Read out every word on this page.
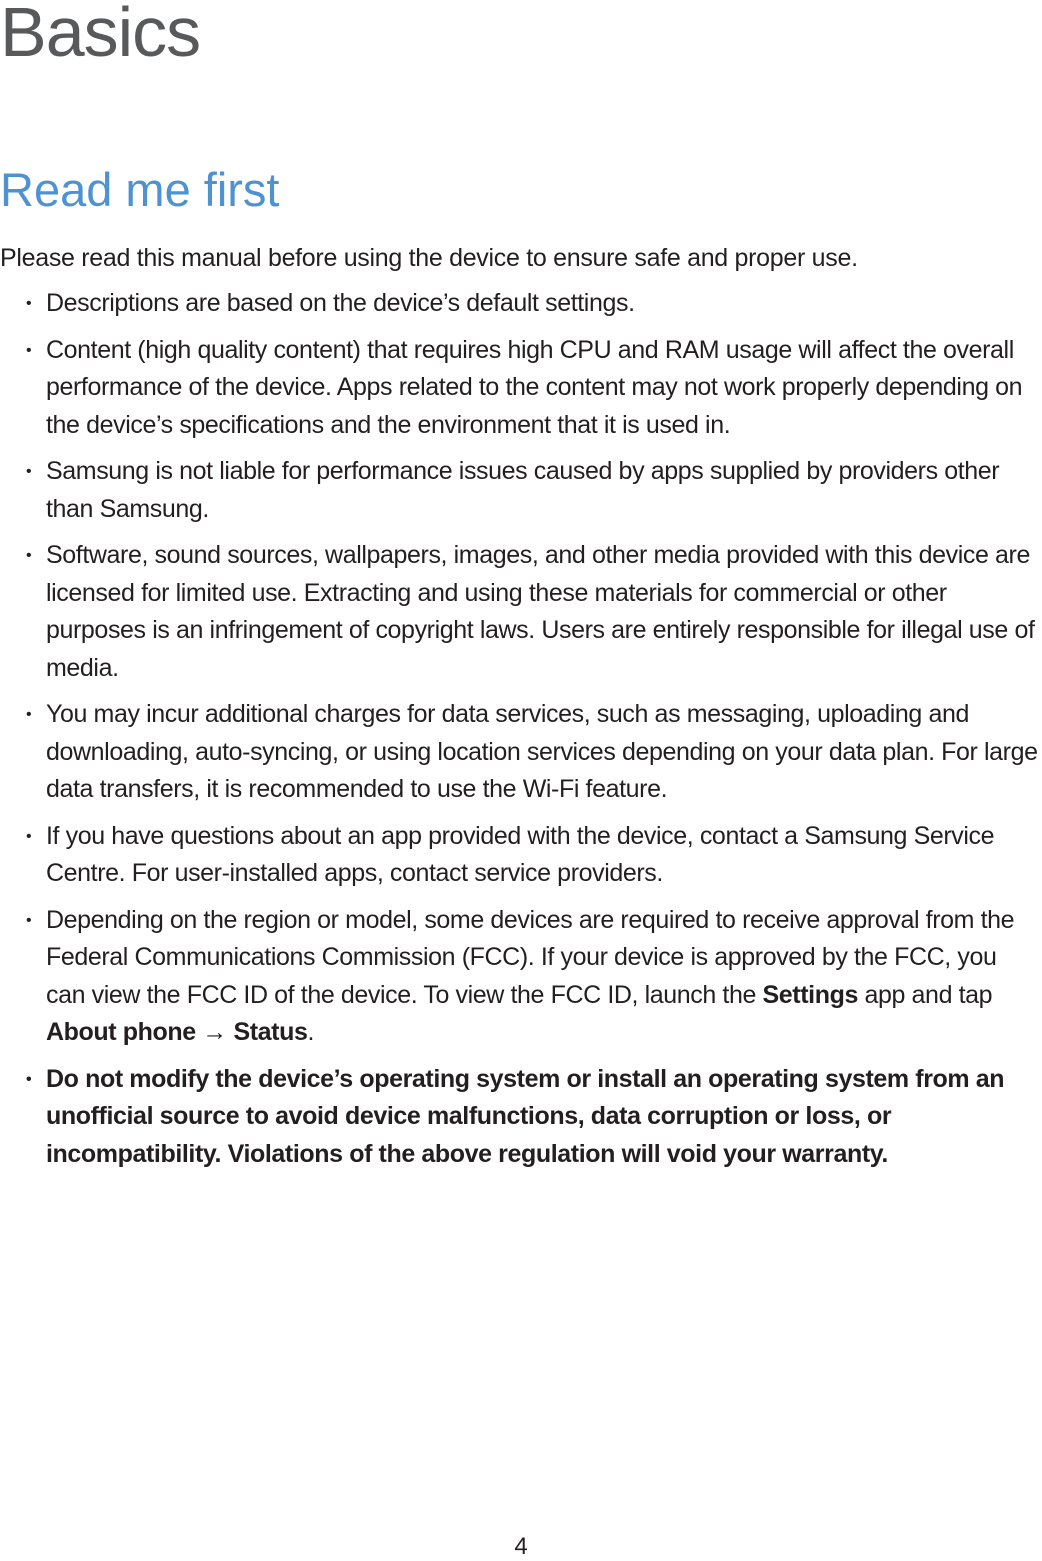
Basics
Read me first

Please read this manual before using the device to ensure safe and proper use.

• Descriptions are based on the device’s default settings.
• Content (high quality content) that requires high CPU and RAM usage will affect the overall performance of the device. Apps related to the content may not work properly depending on the device’s specifications and the environment that it is used in.
• Samsung is not liable for performance issues caused by apps supplied by providers other than Samsung.
• Software, sound sources, wallpapers, images, and other media provided with this device are licensed for limited use. Extracting and using these materials for commercial or other purposes is an infringement of copyright laws. Users are entirely responsible for illegal use of media.
• You may incur additional charges for data services, such as messaging, uploading and downloading, auto-syncing, or using location services depending on your data plan. For large data transfers, it is recommended to use the Wi-Fi feature.
• If you have questions about an app provided with the device, contact a Samsung Service Centre. For user-installed apps, contact service providers.
• Depending on the region or model, some devices are required to receive approval from the Federal Communications Commission (FCC). If your device is approved by the FCC, you can view the FCC ID of the device. To view the FCC ID, launch the Settings app and tap About phone → Status.
• Do not modify the device’s operating system or install an operating system from an unofficial source to avoid device malfunctions, data corruption or loss, or incompatibility. Violations of the above regulation will void your warranty.
4
